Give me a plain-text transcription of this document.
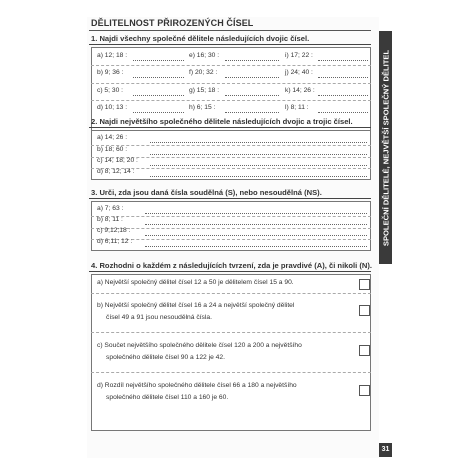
DĚLITELNOST PŘIROZENÝCH ČÍSEL
SPOLEČNÍ DĚLITELÉ, NEJVĚTŠÍ SPOLEČNÝ DĚLITEL
1. Najdi všechny společné dělitele následujících dvojic čísel.
a) 12; 18 :	e) 16; 30 :	i) 17; 22 :
b) 9; 36 :	f) 20; 32 :	j) 24; 40 :
c) 5; 30 :	g) 15; 18 :	k) 14; 26 :
d) 10; 13 :	h) 6; 15 :	l) 8; 11 :
2. Najdi největšího společného dělitele následujících dvojic a trojic čísel.
a) 14; 26 :
b) 18; 60 :
c) 14; 18; 20 :
d) 8; 12; 14 :
3. Urči, zda jsou daná čísla soudělná (S), nebo nesoudělná (NS).
a) 7; 63 :
b) 8; 11 :
c) 9;12;18 :
d) 6;11; 12 :
4. Rozhodni o každém z následujících tvrzení, zda je pravdivé (A), či nikoli (N).
a) Největší společný dělitel čísel 12 a 50 je dělitelem čísel 15 a 90.
b) Největší společný dělitel čísel 16 a 24 a největší společný dělitel
čísel 49 a 91 jsou nesoudělná čísla.
c) Součet největšího společného dělitele čísel 120 a 200 a největšího
společného dělitele čísel 90 a 122 je 42.
d) Rozdíl největšího společného dělitele čísel 66 a 180 a největšího
společného dělitele čísel 110 a 160 je 60.
31
